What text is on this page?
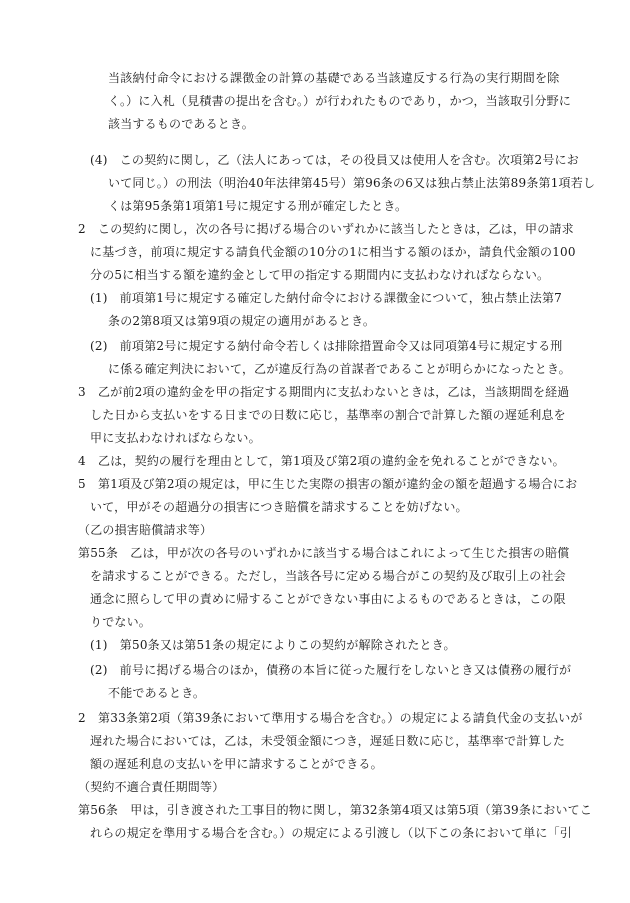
当該納付命令における課徴金の計算の基礎である当該違反する行為の実行期間を除
く。）に入札（見積書の提出を含む。）が行われたものであり，かつ，当該取引分野に
該当するものであるとき。
(4)　この契約に関し，乙（法人にあっては，その役員又は使用人を含む。次項第2号にお
いて同じ。）の刑法（明治40年法律第45号）第96条の6又は独占禁止法第89条第1項若し
くは第95条第1項第1号に規定する刑が確定したとき。
2　この契約に関し，次の各号に掲げる場合のいずれかに該当したときは，乙は，甲の請求
に基づき，前項に規定する請負代金額の10分の1に相当する額のほか，請負代金額の100
分の5に相当する額を違約金として甲の指定する期間内に支払わなければならない。
(1)　前項第1号に規定する確定した納付命令における課徴金について，独占禁止法第7
条の2第8項又は第9項の規定の適用があるとき。
(2)　前項第2号に規定する納付命令若しくは排除措置命令又は同項第4号に規定する刑
に係る確定判決において，乙が違反行為の首謀者であることが明らかになったとき。
3　乙が前2項の違約金を甲の指定する期間内に支払わないときは，乙は，当該期間を経過
した日から支払いをする日までの日数に応じ，基準率の割合で計算した額の遅延利息を
甲に支払わなければならない。
4　乙は，契約の履行を理由として，第1項及び第2項の違約金を免れることができない。
5　第1項及び第2項の規定は，甲に生じた実際の損害の額が違約金の額を超過する場合にお
いて，甲がその超過分の損害につき賠償を請求することを妨げない。
（乙の損害賠償請求等）
第55条　乙は，甲が次の各号のいずれかに該当する場合はこれによって生じた損害の賠償
を請求することができる。ただし，当該各号に定める場合がこの契約及び取引上の社会
通念に照らして甲の責めに帰することができない事由によるものであるときは，この限
りでない。
(1)　第50条又は第51条の規定によりこの契約が解除されたとき。
(2)　前号に掲げる場合のほか，債務の本旨に従った履行をしないとき又は債務の履行が
不能であるとき。
2　第33条第2項（第39条において準用する場合を含む。）の規定による請負代金の支払いが
遅れた場合においては，乙は，未受領金額につき，遅延日数に応じ，基準率で計算した
額の遅延利息の支払いを甲に請求することができる。
（契約不適合責任期間等）
第56条　甲は，引き渡された工事目的物に関し，第32条第4項又は第5項（第39条においてこ
れらの規定を準用する場合を含む。）の規定による引渡し（以下この条において単に「引
